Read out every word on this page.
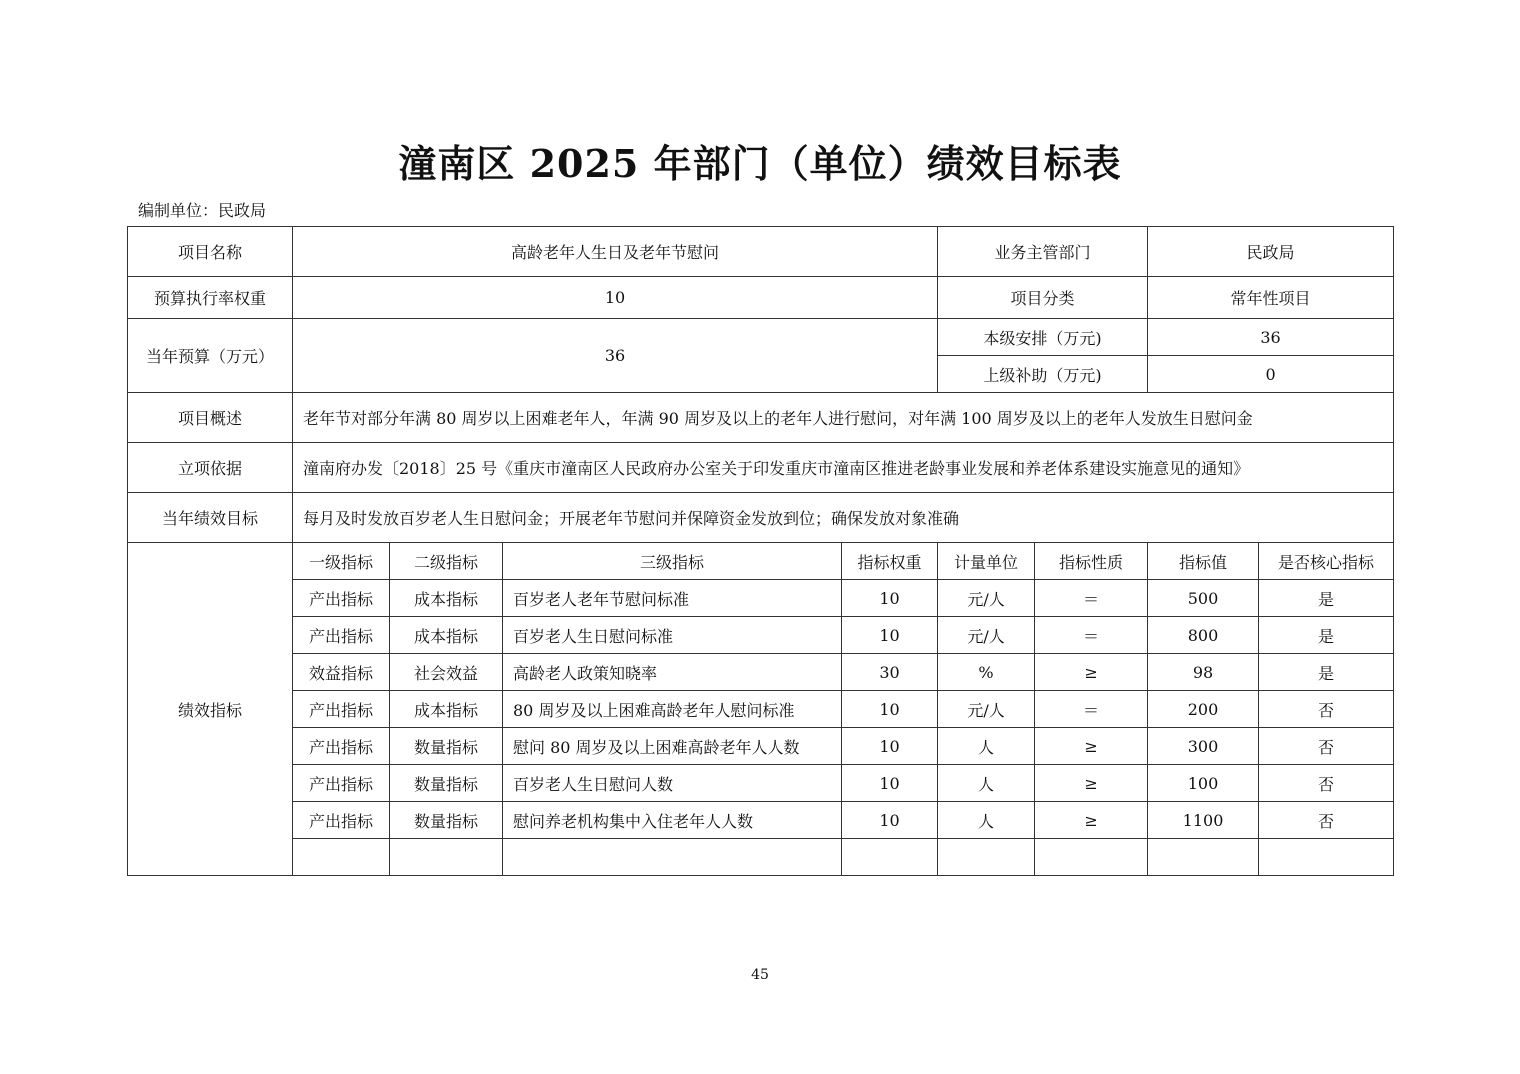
潼南区 2025 年部门（单位）绩效目标表
编制单位：民政局
项目名称	高龄老年人生日及老年节慰问				业务主管部门		民政局	
预算执行率权重	10				项目分类		常年性项目	
当年预算（万元）	36				本级安排（万元)		36	
					上级补助（万元)		0	
项目概述	老年节对部分年满 80 周岁以上困难老年人，年满 90 周岁及以上的老年人进行慰问，对年满 100 周岁及以上的老年人发放生日慰问金							
立项依据	潼南府办发〔2018〕25 号《重庆市潼南区人民政府办公室关于印发重庆市潼南区推进老龄事业发展和养老体系建设实施意见的通知》							
当年绩效目标	每月及时发放百岁老人生日慰问金；开展老年节慰问并保障资金发放到位；确保发放对象准确							
绩效指标	一级指标	二级指标	三级指标	指标权重	计量单位	指标性质	指标值	是否核心指标
	产出指标	成本指标	百岁老人老年节慰问标准	10	元/人	＝	500	是
	产出指标	成本指标	百岁老人生日慰问标准	10	元/人	＝	800	是
	效益指标	社会效益	高龄老人政策知晓率	30	%	≥	98	是
	产出指标	成本指标	80 周岁及以上困难高龄老年人慰问标准	10	元/人	＝	200	否
	产出指标	数量指标	慰问 80 周岁及以上困难高龄老年人人数	10	人	≥	300	否
	产出指标	数量指标	百岁老人生日慰问人数	10	人	≥	100	否
	产出指标	数量指标	慰问养老机构集中入住老年人人数	10	人	≥	1100	否

45
